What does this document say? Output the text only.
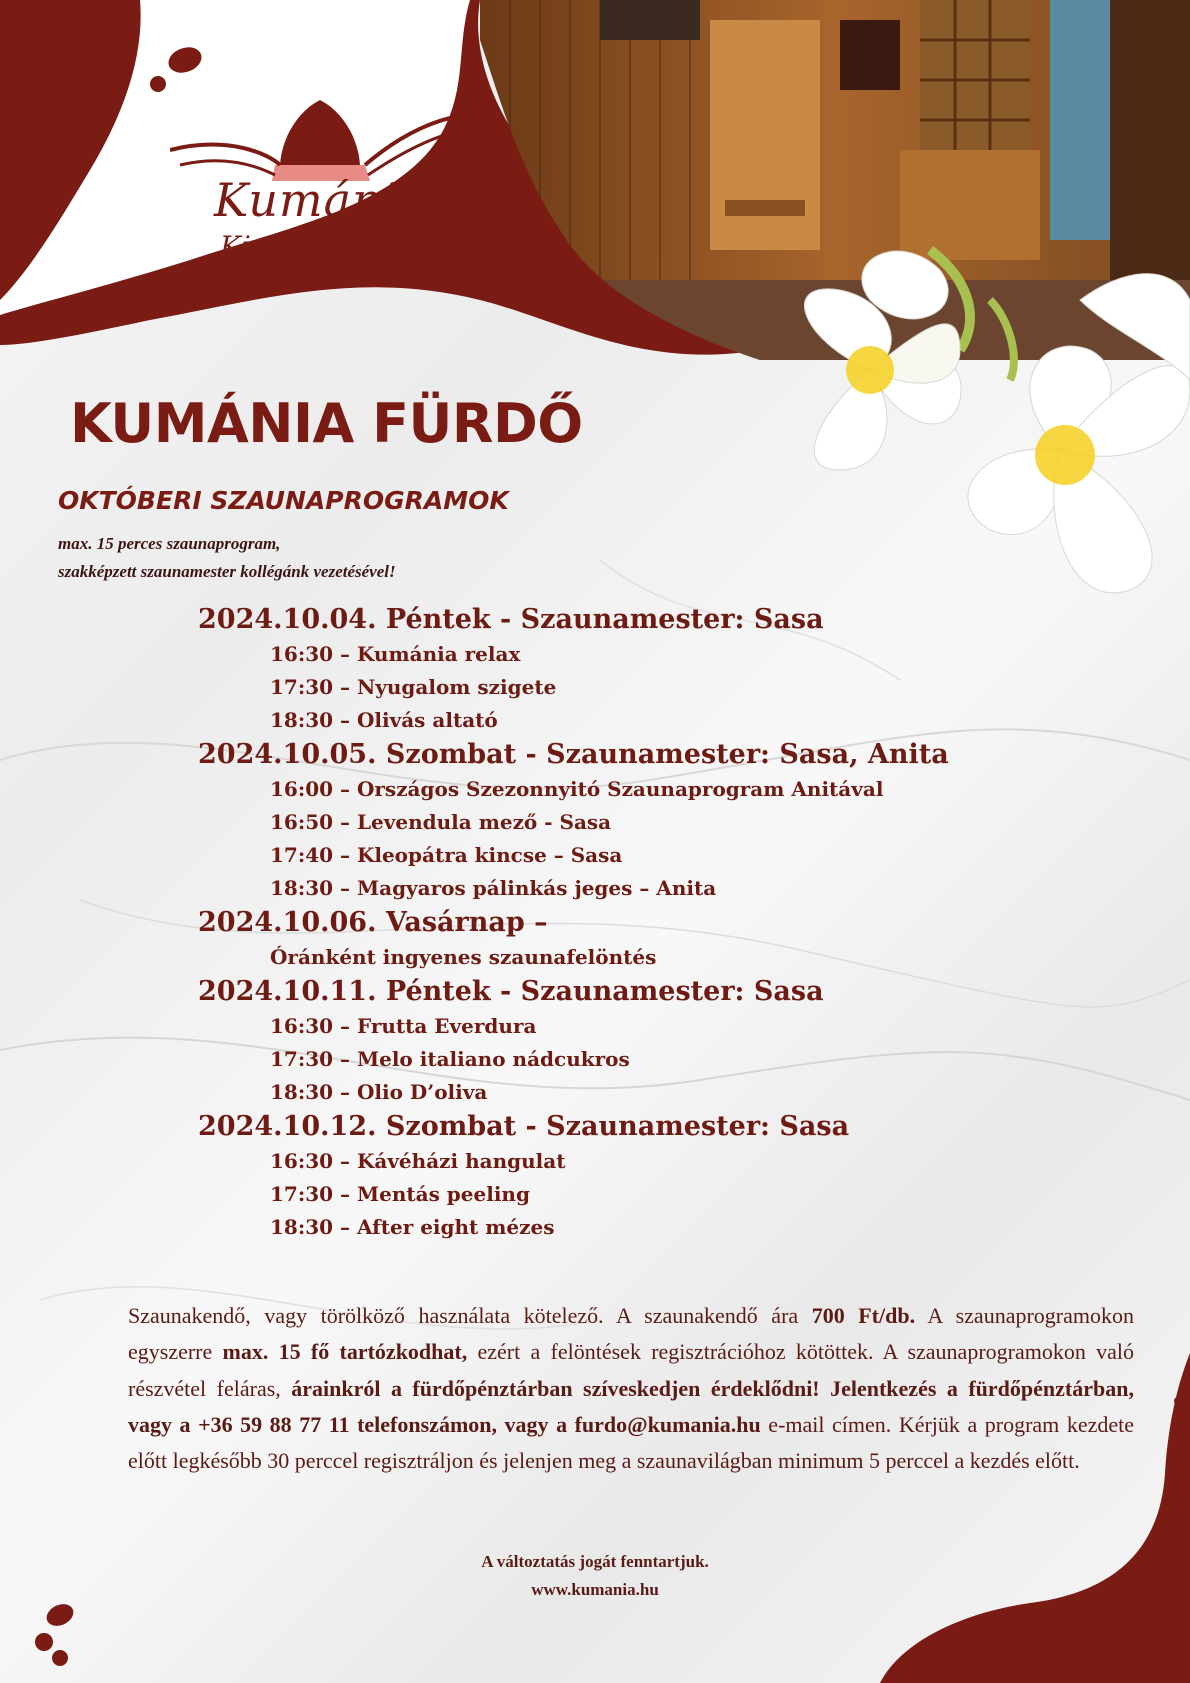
Kumánia
Kisújszállás
KUMÁNIA FÜRDŐ
OKTÓBERI SZAUNAPROGRAMOK

max. 15 perces szaunaprogram,
szakképzett szaunamester kollégánk vezetésével!

2024.10.04. Péntek - Szaunamester: Sasa
16:30 – Kumánia relax
17:30 – Nyugalom szigete
18:30 – Olivás altató
2024.10.05. Szombat - Szaunamester: Sasa, Anita
16:00 – Országos Szezonnyitó Szaunaprogram Anitával
16:50 – Levendula mező - Sasa
17:40 – Kleopátra kincse – Sasa
18:30 – Magyaros pálinkás jeges – Anita
2024.10.06. Vasárnap –
Óránként ingyenes szaunafelöntés
2024.10.11. Péntek - Szaunamester: Sasa
16:30 – Frutta Everdura
17:30 – Melo italiano nádcukros
18:30 – Olio D’oliva
2024.10.12. Szombat - Szaunamester: Sasa
16:30 – Kávéházi hangulat
17:30 – Mentás peeling
18:30 – After eight mézes

Szaunakendő, vagy törölköző használata kötelező. A szaunakendő ára 700 Ft/db. A szaunaprogramokon egyszerre max. 15 fő tartózkodhat, ezért a felöntések regisztrációhoz kötöttek. A szaunaprogramokon való részvétel feláras, árainkról a fürdőpénztárban szíveskedjen érdeklődni! Jelentkezés a fürdőpénztárban, vagy a +36 59 88 77 11 telefonszámon, vagy a furdo@kumania.hu e-mail címen. Kérjük a program kezdete előtt legkésőbb 30 perccel regisztráljon és jelenjen meg a szaunavilágban minimum 5 perccel a kezdés előtt.

A változtatás jogát fenntartjuk.

www.kumania.hu
